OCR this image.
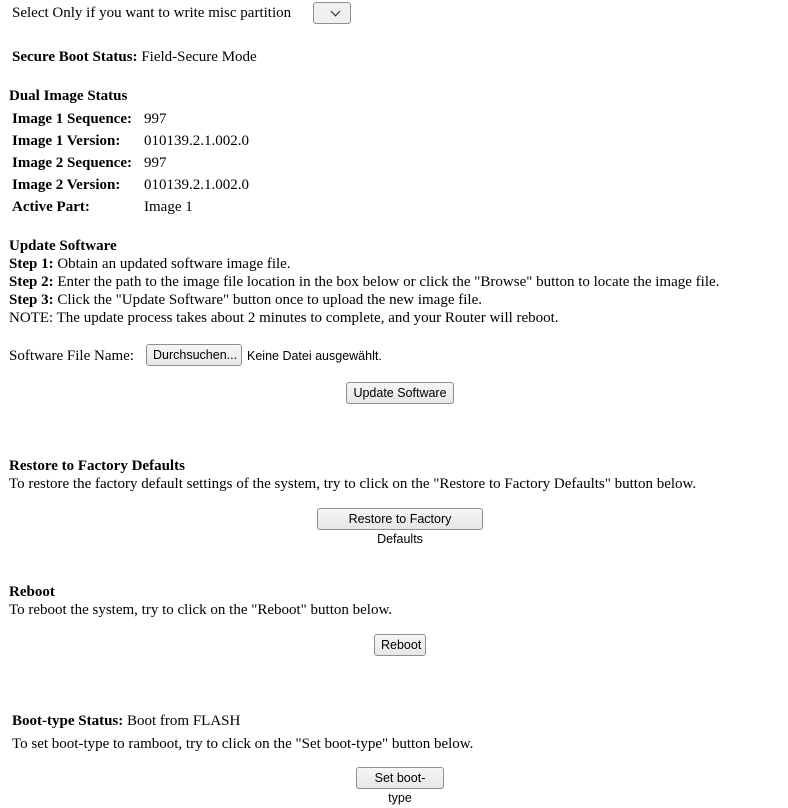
Select Only if you want to write misc partition
Secure Boot Status: Field-Secure Mode
Dual Image Status
Image 1 Sequence: 997
Image 1 Version: 010139.2.1.002.0
Image 2 Sequence: 997
Image 2 Version: 010139.2.1.002.0
Active Part:	Image 1
Update Software
Step 1: Obtain an updated software image file.
Step 2: Enter the path to the image file location in the box below or click the "Browse" button to locate the image file.
Step 3: Click the "Update Software" button once to upload the new image file.
NOTE: The update process takes about 2 minutes to complete, and your Router will reboot.
Software File Name:	Durchsuchen... Keine Datei ausgewählt.
Update Software
Restore to Factory Defaults
To restore the factory default settings of the system, try to click on the "Restore to Factory Defaults" button below.
Restore to Factory Defaults
Reboot
To reboot the system, try to click on the "Reboot" button below.
Reboot
Boot-type Status: Boot from FLASH
To set boot-type to ramboot, try to click on the "Set boot-type" button below.
Set boot-type
